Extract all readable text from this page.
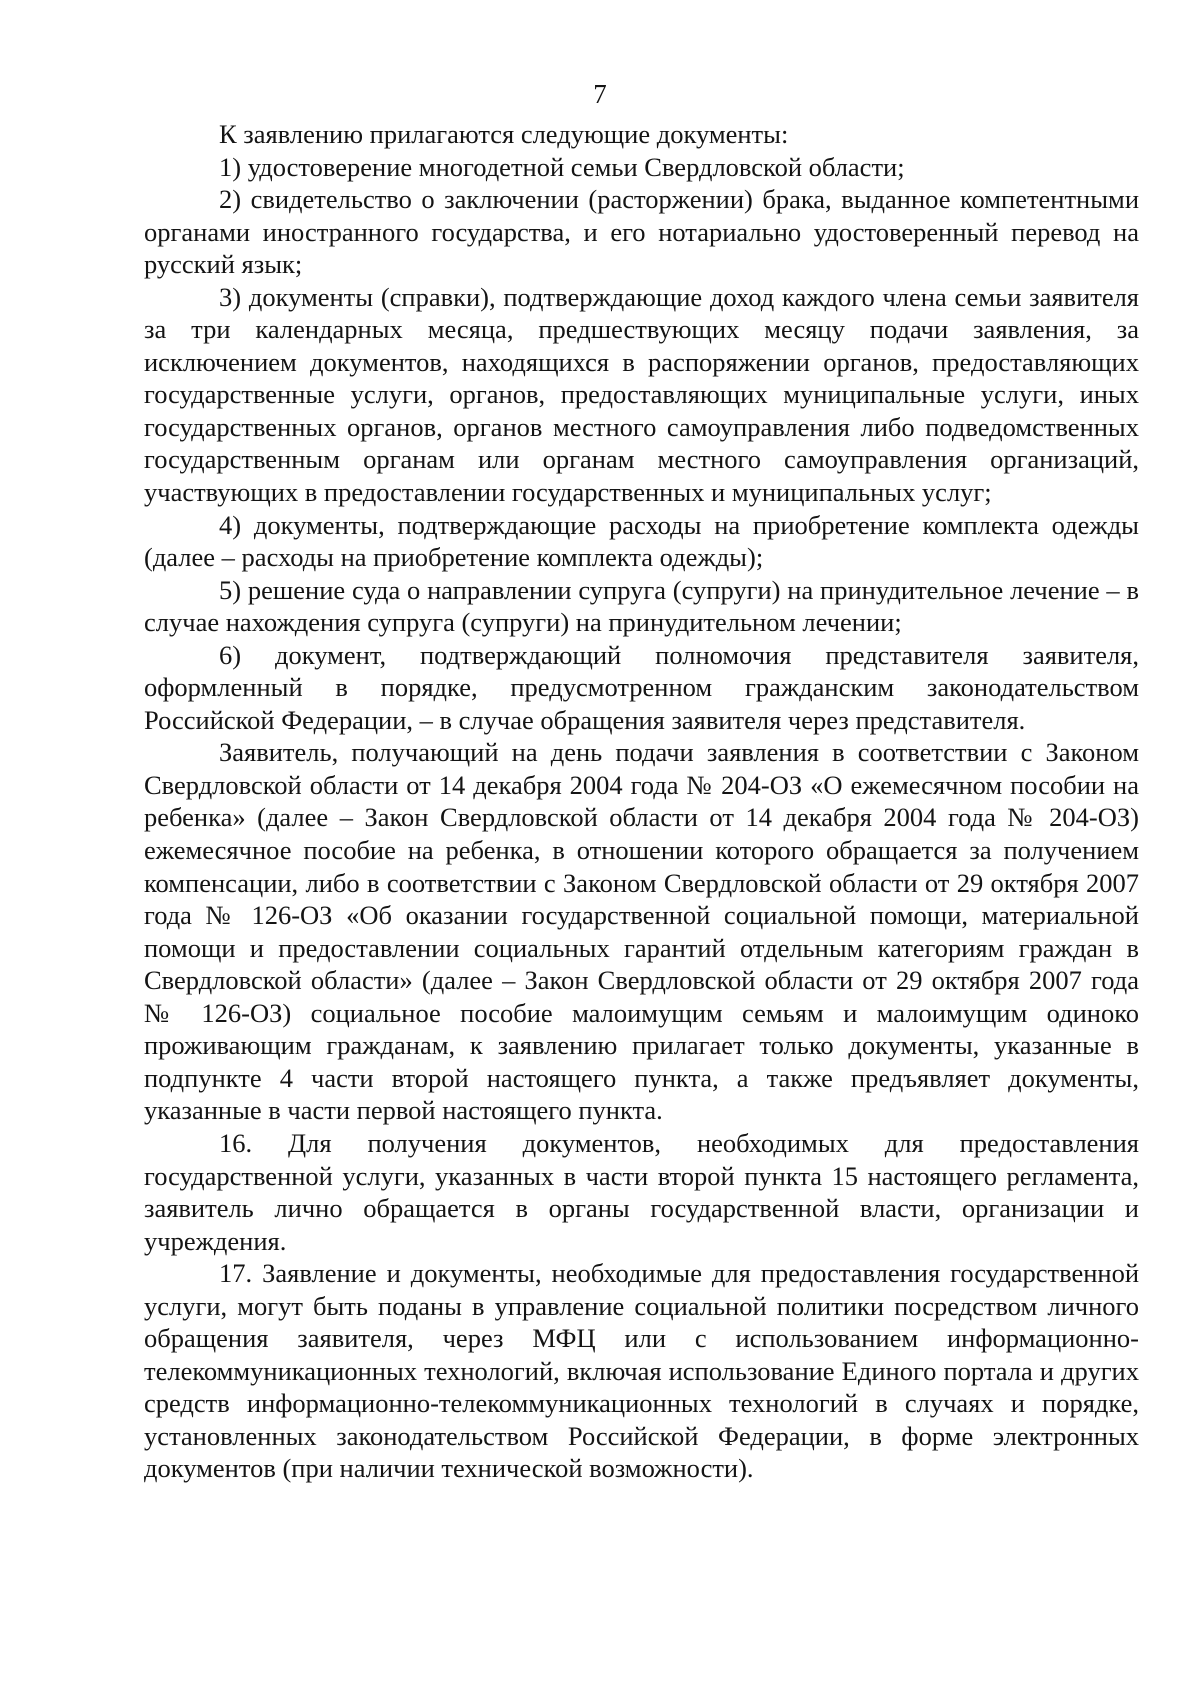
7

К заявлению прилагаются следующие документы:

1) удостоверение многодетной семьи Свердловской области;

2) свидетельство о заключении (расторжении) брака, выданное компетентными органами иностранного государства, и его нотариально удостоверенный перевод на русский язык;

3) документы (справки), подтверждающие доход каждого члена семьи заявителя за три календарных месяца, предшествующих месяцу подачи заявления, за исключением документов, находящихся в распоряжении органов, предоставляющих государственные услуги, органов, предоставляющих муниципальные услуги, иных государственных органов, органов местного самоуправления либо подведомственных государственным органам или органам местного самоуправления организаций, участвующих в предоставлении государственных и муниципальных услуг;

4) документы, подтверждающие расходы на приобретение комплекта одежды (далее – расходы на приобретение комплекта одежды);

5) решение суда о направлении супруга (супруги) на принудительное лечение – в случае нахождения супруга (супруги) на принудительном лечении;

6) документ, подтверждающий полномочия представителя заявителя, оформленный в порядке, предусмотренном гражданским законодательством Российской Федерации, – в случае обращения заявителя через представителя.

Заявитель, получающий на день подачи заявления в соответствии с Законом Свердловской области от 14 декабря 2004 года № 204-ОЗ «О ежемесячном пособии на ребенка» (далее – Закон Свердловской области от 14 декабря 2004 года № 204-ОЗ) ежемесячное пособие на ребенка, в отношении которого обращается за получением компенсации, либо в соответствии с Законом Свердловской области от 29 октября 2007 года № 126-ОЗ «Об оказании государственной социальной помощи, материальной помощи и предоставлении социальных гарантий отдельным категориям граждан в Свердловской области» (далее – Закон Свердловской области от 29 октября 2007 года № 126-ОЗ) социальное пособие малоимущим семьям и малоимущим одиноко проживающим гражданам, к заявлению прилагает только документы, указанные в подпункте 4 части второй настоящего пункта, а также предъявляет документы, указанные в части первой настоящего пункта.

16. Для получения документов, необходимых для предоставления государственной услуги, указанных в части второй пункта 15 настоящего регламента, заявитель лично обращается в органы государственной власти, организации и учреждения.

17. Заявление и документы, необходимые для предоставления государственной услуги, могут быть поданы в управление социальной политики посредством личного обращения заявителя, через МФЦ или с использованием информационно-телекоммуникационных технологий, включая использование Единого портала и других средств информационно-телекоммуникационных технологий в случаях и порядке, установленных законодательством Российской Федерации, в форме электронных документов (при наличии технической возможности).
